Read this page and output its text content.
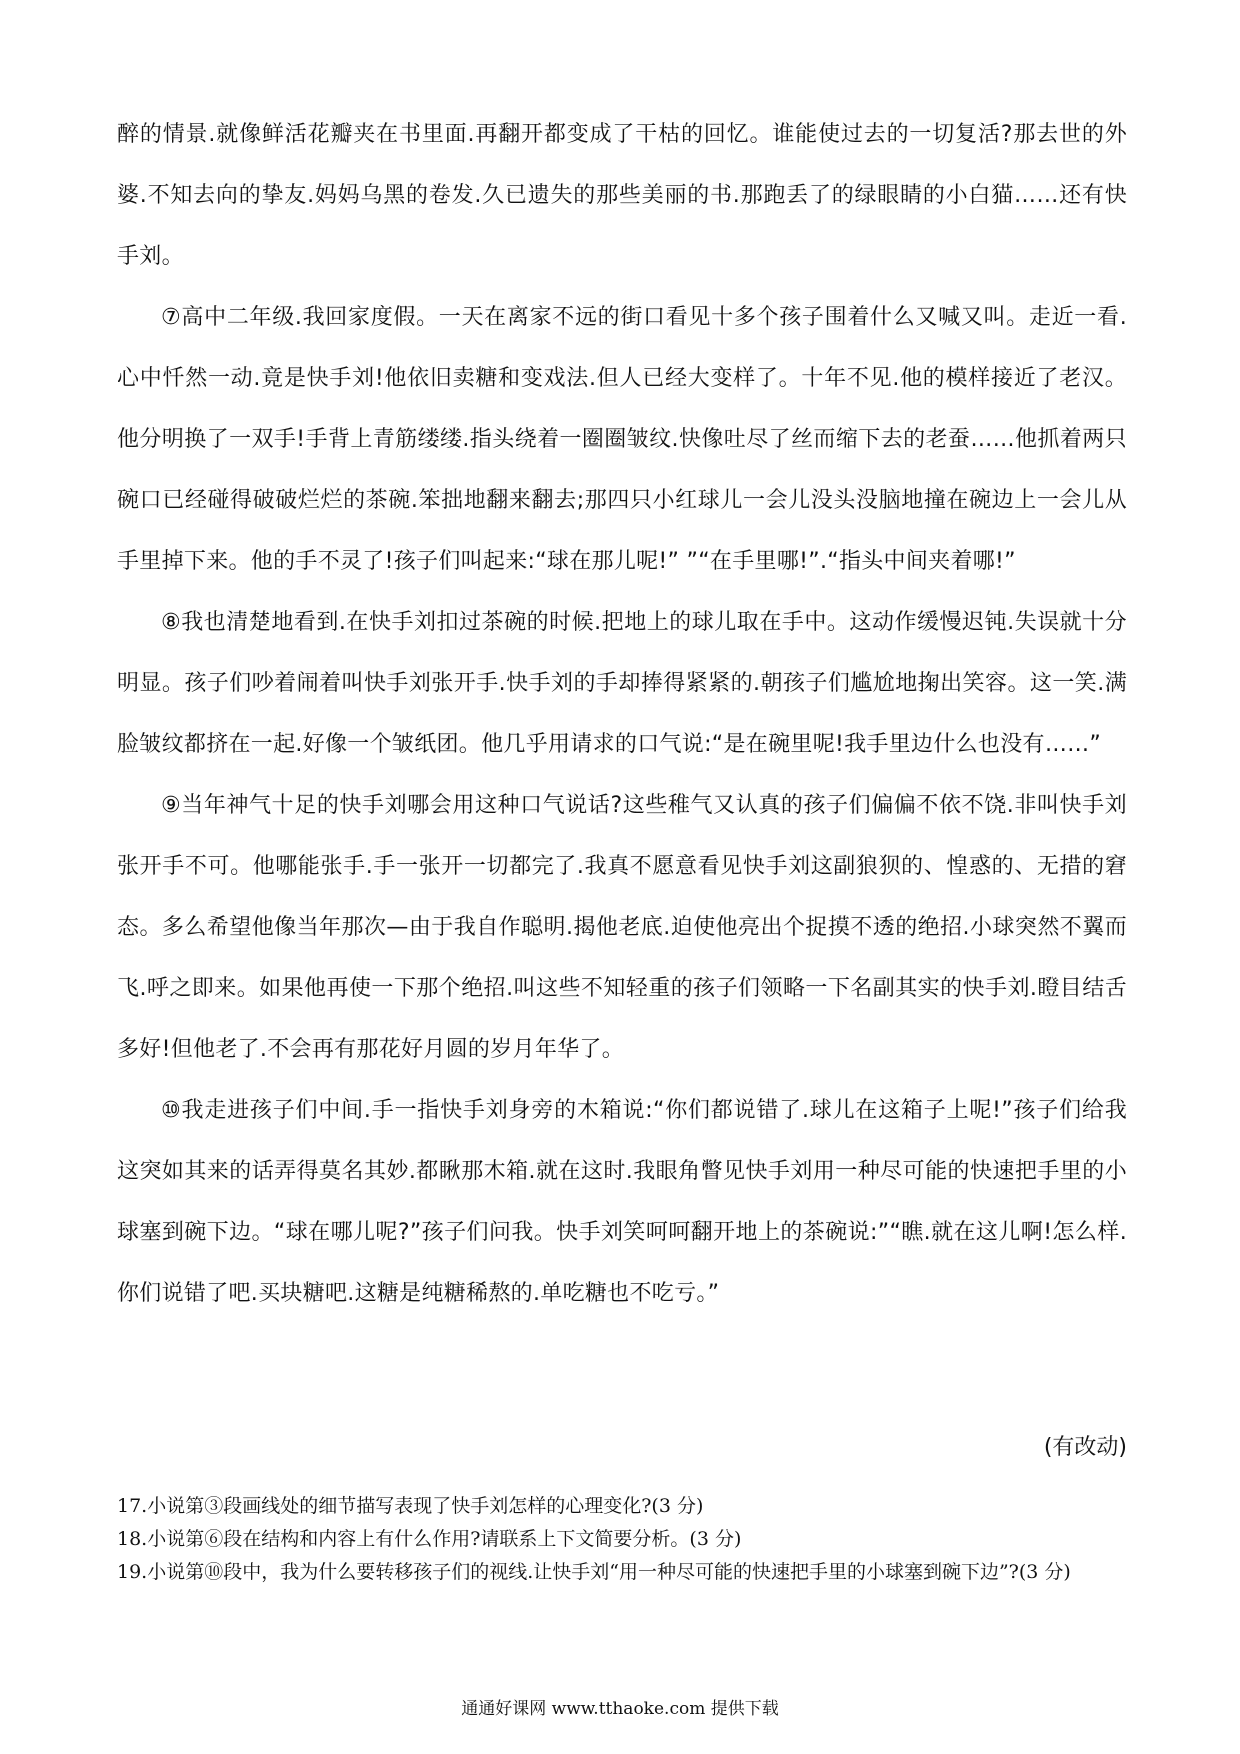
醉的情景.就像鲜活花瓣夹在书里面.再翻开都变成了干枯的回忆。谁能使过去的一切复活?那去世的外婆.不知去向的挚友.妈妈乌黑的卷发.久已遗失的那些美丽的书.那跑丢了的绿眼睛的小白猫……还有快手刘。

⑦高中二年级.我回家度假。一天在离家不远的街口看见十多个孩子围着什么又喊又叫。走近一看.心中忏然一动.竟是快手刘!他依旧卖糖和变戏法.但人已经大变样了。十年不见.他的模样接近了老汉。他分明换了一双手!手背上青筋缕缕.指头绕着一圈圈皱纹.快像吐尽了丝而缩下去的老蚕……他抓着两只碗口已经碰得破破烂烂的茶碗.笨拙地翻来翻去;那四只小红球儿一会儿没头没脑地撞在碗边上一会儿从手里掉下来。他的手不灵了!孩子们叫起来:“球在那儿呢!” ”“在手里哪!”.“指头中间夹着哪!”

⑧我也清楚地看到.在快手刘扣过茶碗的时候.把地上的球儿取在手中。这动作缓慢迟钝.失误就十分明显。孩子们吵着闹着叫快手刘张开手.快手刘的手却捧得紧紧的.朝孩子们尴尬地掬出笑容。这一笑.满脸皱纹都挤在一起.好像一个皱纸团。他几乎用请求的口气说:“是在碗里呢!我手里边什么也没有……”

⑨当年神气十足的快手刘哪会用这种口气说话?这些稚气又认真的孩子们偏偏不依不饶.非叫快手刘张开手不可。他哪能张手.手一张开一切都完了.我真不愿意看见快手刘这副狼狈的、惶惑的、无措的窘态。多么希望他像当年那次—由于我自作聪明.揭他老底.迫使他亮出个捉摸不透的绝招.小球突然不翼而飞.呼之即来。如果他再使一下那个绝招.叫这些不知轻重的孩子们领略一下名副其实的快手刘.瞪目结舌多好!但他老了.不会再有那花好月圆的岁月年华了。

⑩我走进孩子们中间.手一指快手刘身旁的木箱说:“你们都说错了.球儿在这箱子上呢!”孩子们给我这突如其来的话弄得莫名其妙.都瞅那木箱.就在这时.我眼角瞥见快手刘用一种尽可能的快速把手里的小球塞到碗下边。“球在哪儿呢?”孩子们问我。快手刘笑呵呵翻开地上的茶碗说:”“瞧.就在这儿啊!怎么样.你们说错了吧.买块糖吧.这糖是纯糖稀熬的.单吃糖也不吃亏。”

(有改动)

17.小说第③段画线处的细节描写表现了快手刘怎样的心理变化?(3 分)

18.小说第⑥段在结构和内容上有什么作用?请联系上下文简要分析。(3 分)

19.小说第⑩段中，我为什么要转移孩子们的视线.让快手刘“用一种尽可能的快速把手里的小球塞到碗下边”?(3 分)

通通好课网 www.tthaoke.com 提供下载
